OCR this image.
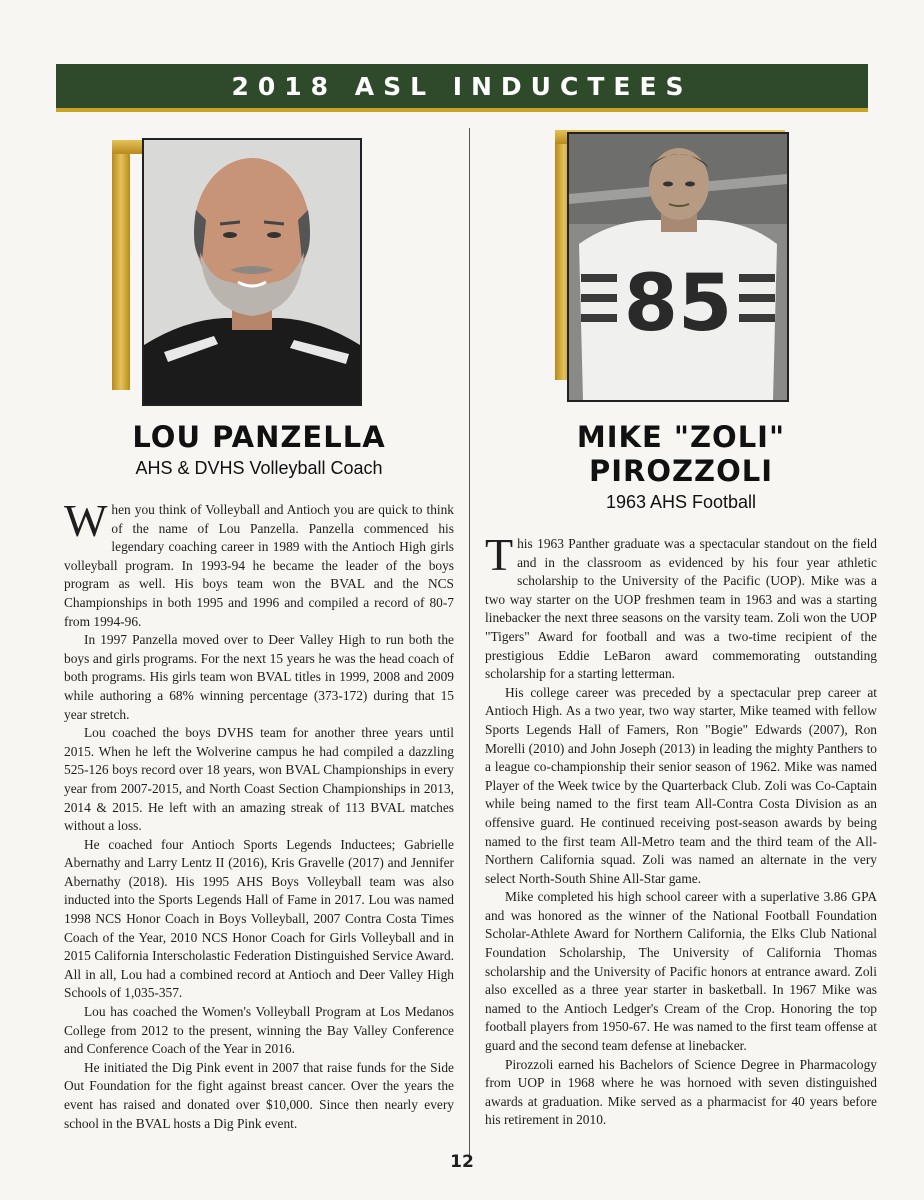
2018 ASL INDUCTEES
LOU PANZELLA
AHS & DVHS Volleyball Coach

When you think of Volleyball and Antioch you are quick to think of the name of Lou Panzella. Panzella commenced his legendary coaching career in 1989 with the Antioch High girls volleyball program. In 1993-94 he became the leader of the boys program as well. His boys team won the BVAL and the NCS Championships in both 1995 and 1996 and compiled a record of 80-7 from 1994-96.

In 1997 Panzella moved over to Deer Valley High to run both the boys and girls programs. For the next 15 years he was the head coach of both programs. His girls team won BVAL titles in 1999, 2008 and 2009 while authoring a 68% winning percentage (373-172) during that 15 year stretch.

Lou coached the boys DVHS team for another three years until 2015. When he left the Wolverine campus he had compiled a dazzling 525-126 boys record over 18 years, won BVAL Championships in every year from 2007-2015, and North Coast Section Championships in 2013, 2014 & 2015. He left with an amazing streak of 113 BVAL matches without a loss.

He coached four Antioch Sports Legends Inductees; Gabrielle Abernathy and Larry Lentz II (2016), Kris Gravelle (2017) and Jennifer Abernathy (2018). His 1995 AHS Boys Volleyball team was also inducted into the Sports Legends Hall of Fame in 2017. Lou was named 1998 NCS Honor Coach in Boys Volleyball, 2007 Contra Costa Times Coach of the Year, 2010 NCS Honor Coach for Girls Volleyball and in 2015 California Interscholastic Federation Distinguished Service Award. All in all, Lou had a combined record at Antioch and Deer Valley High Schools of 1,035-357.

Lou has coached the Women's Volleyball Program at Los Medanos College from 2012 to the present, winning the Bay Valley Conference and Conference Coach of the Year in 2016.

He initiated the Dig Pink event in 2007 that raise funds for the Side Out Foundation for the fight against breast cancer. Over the years the event has raised and donated over $10,000. Since then nearly every school in the BVAL hosts a Dig Pink event.

85
MIKE "ZOLI" PIROZZOLI
1963 AHS Football

This 1963 Panther graduate was a spectacular standout on the field and in the classroom as evidenced by his four year athletic scholarship to the University of the Pacific (UOP). Mike was a two way starter on the UOP freshmen team in 1963 and was a starting linebacker the next three seasons on the varsity team. Zoli won the UOP "Tigers" Award for football and was a two-time recipient of the prestigious Eddie LeBaron award commemorating outstanding scholarship for a starting letterman.

His college career was preceded by a spectacular prep career at Antioch High. As a two year, two way starter, Mike teamed with fellow Sports Legends Hall of Famers, Ron "Bogie" Edwards (2007), Ron Morelli (2010) and John Joseph (2013) in leading the mighty Panthers to a league co-championship their senior season of 1962. Mike was named Player of the Week twice by the Quarterback Club. Zoli was Co-Captain while being named to the first team All-Contra Costa Division as an offensive guard. He continued receiving post-season awards by being named to the first team All-Metro team and the third team of the All-Northern California squad. Zoli was named an alternate in the very select North-South Shine All-Star game.

Mike completed his high school career with a superlative 3.86 GPA and was honored as the winner of the National Football Foundation Scholar-Athlete Award for Northern California, the Elks Club National Foundation Scholarship, The University of California Thomas scholarship and the University of Pacific honors at entrance award. Zoli also excelled as a three year starter in basketball. In 1967 Mike was named to the Antioch Ledger's Cream of the Crop. Honoring the top football players from 1950-67. He was named to the first team offense at guard and the second team defense at linebacker.

Pirozzoli earned his Bachelors of Science Degree in Pharmacology from UOP in 1968 where he was hornoed with seven distinguished awards at graduation. Mike served as a pharmacist for 40 years before his retirement in 2010.

12
